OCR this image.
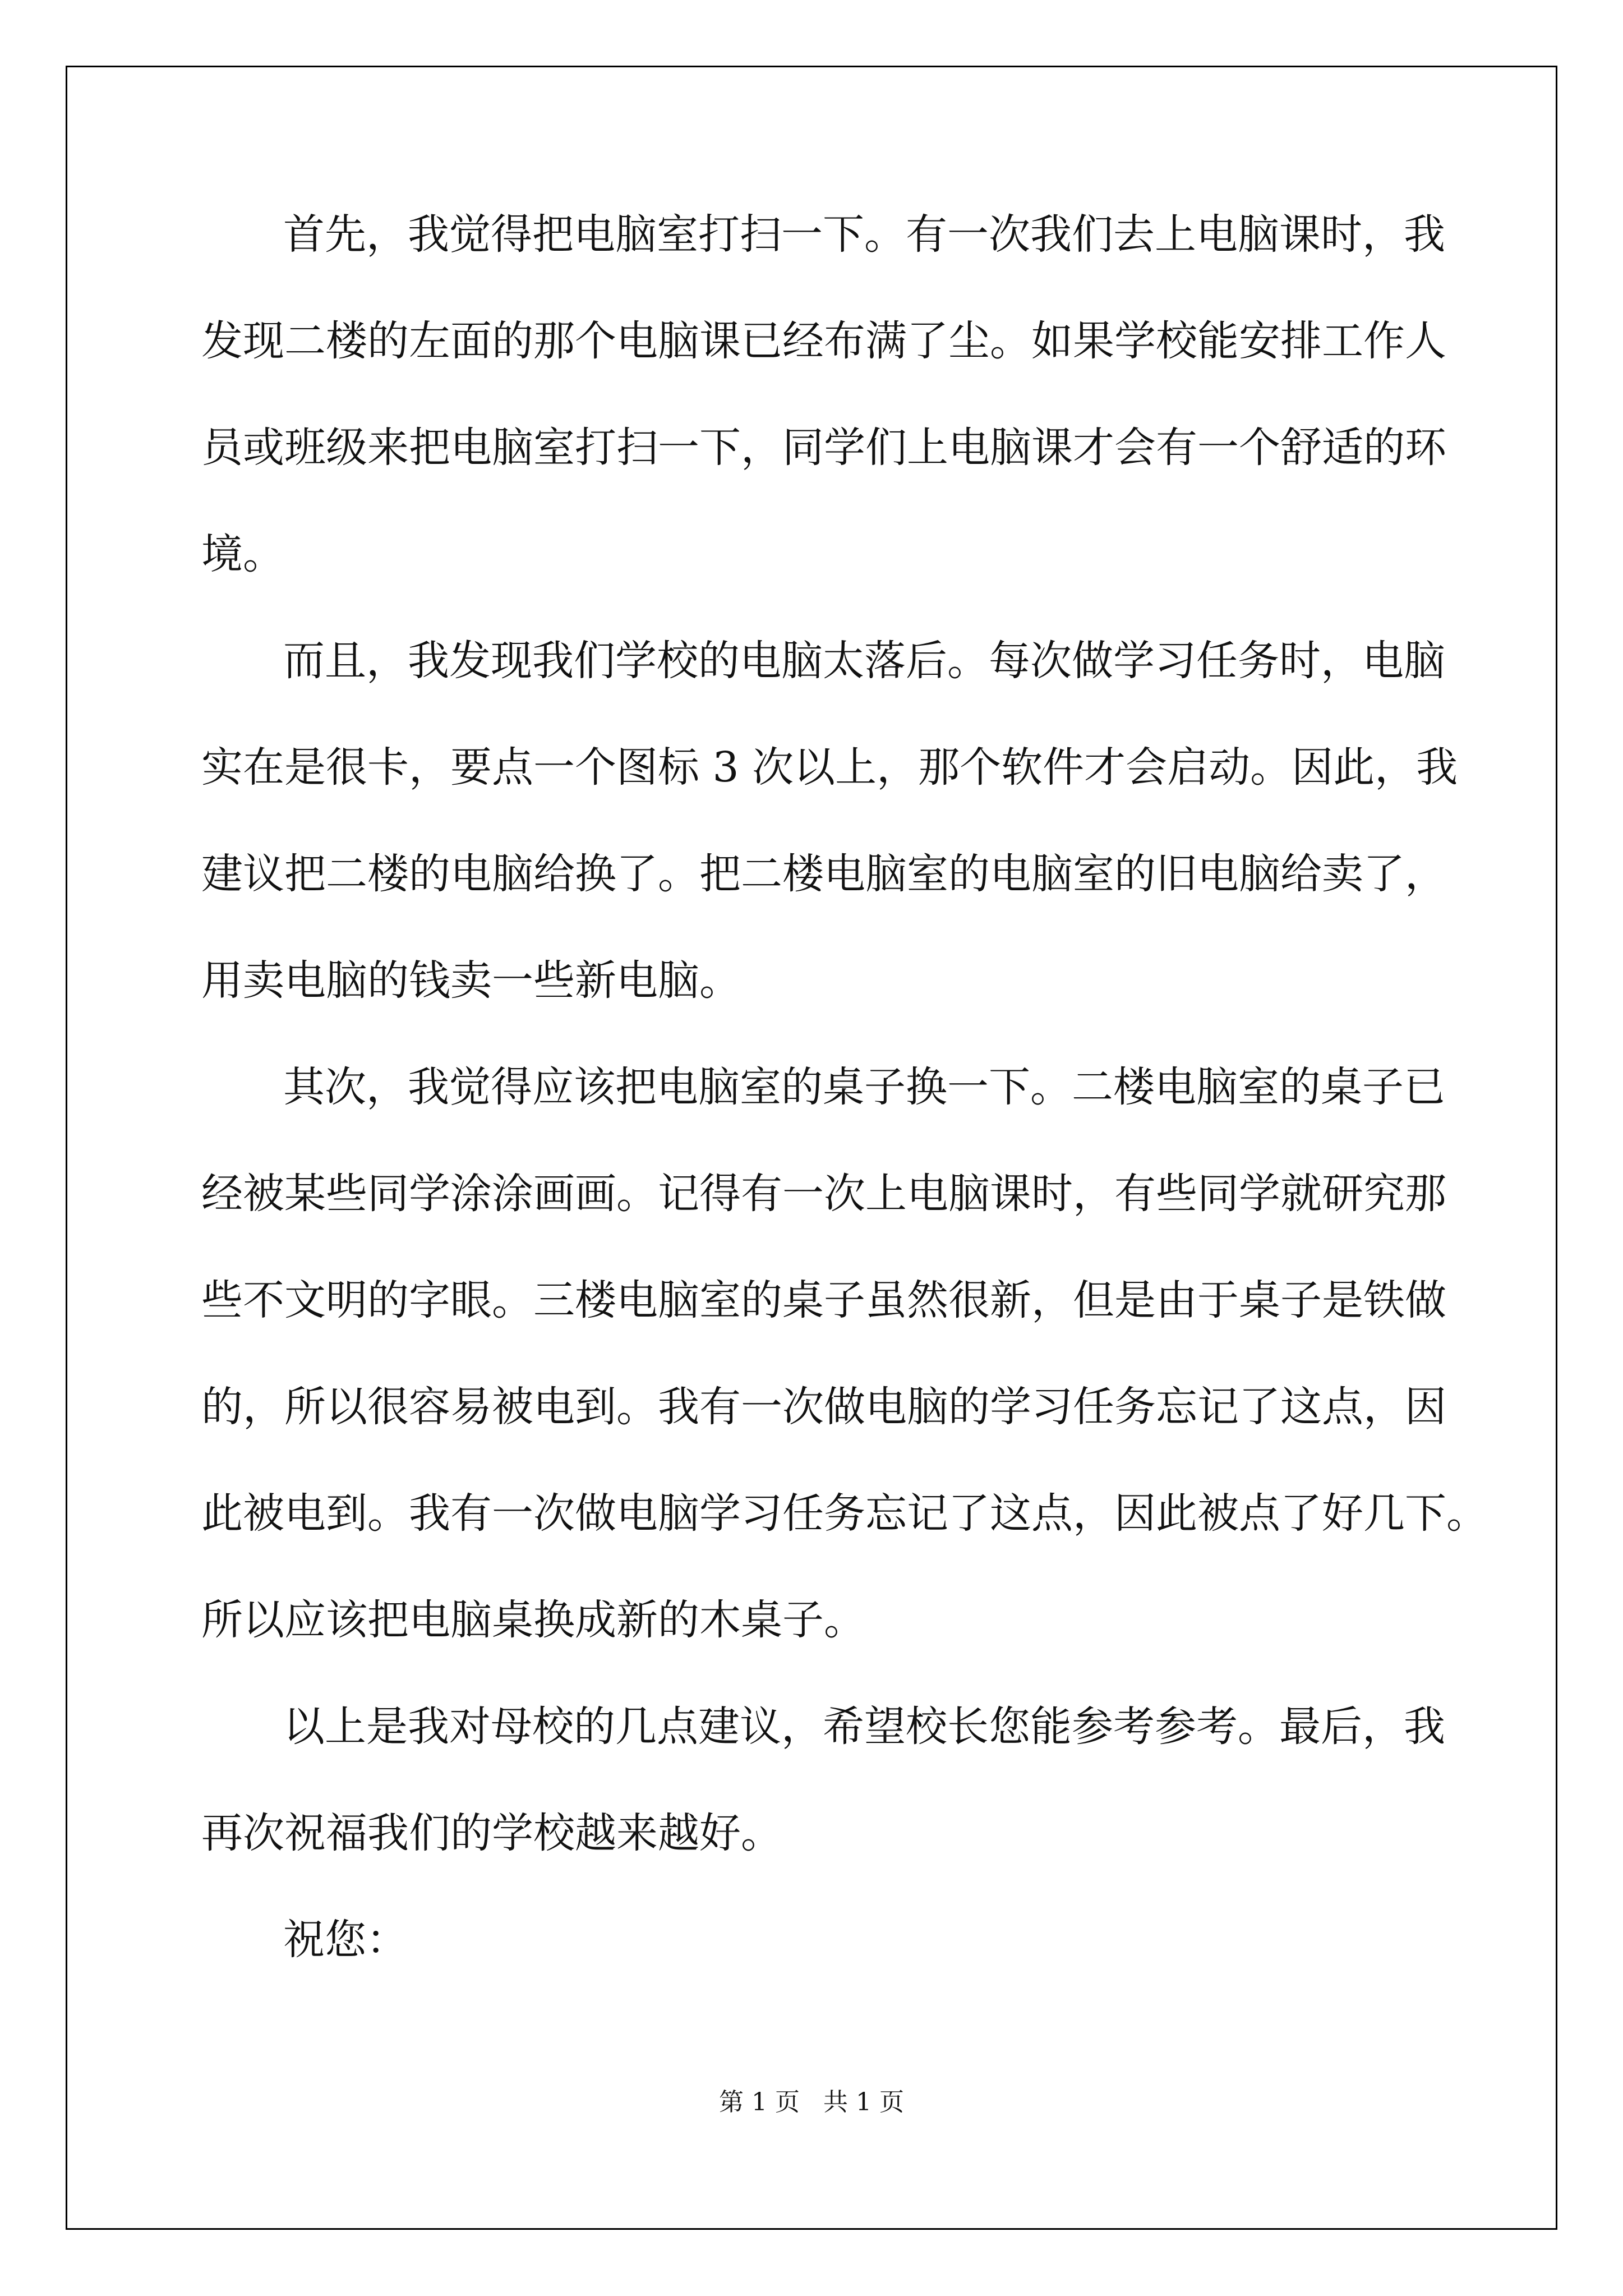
首先，我觉得把电脑室打扫一下。有一次我们去上电脑课时，我
发现二楼的左面的那个电脑课已经布满了尘。如果学校能安排工作人
员或班级来把电脑室打扫一下，同学们上电脑课才会有一个舒适的环
境。
而且，我发现我们学校的电脑太落后。每次做学习任务时，电脑
实在是很卡，要点一个图标 3 次以上，那个软件才会启动。因此，我
建议把二楼的电脑给换了。把二楼电脑室的电脑室的旧电脑给卖了，
用卖电脑的钱卖一些新电脑。
其次，我觉得应该把电脑室的桌子换一下。二楼电脑室的桌子已
经被某些同学涂涂画画。记得有一次上电脑课时，有些同学就研究那
些不文明的字眼。三楼电脑室的桌子虽然很新，但是由于桌子是铁做
的，所以很容易被电到。我有一次做电脑的学习任务忘记了这点，因
此被电到。我有一次做电脑学习任务忘记了这点，因此被点了好几下。
所以应该把电脑桌换成新的木桌子。
以上是我对母校的几点建议，希望校长您能参考参考。最后，我
再次祝福我们的学校越来越好。
祝您：
第 1 页   共 1 页
